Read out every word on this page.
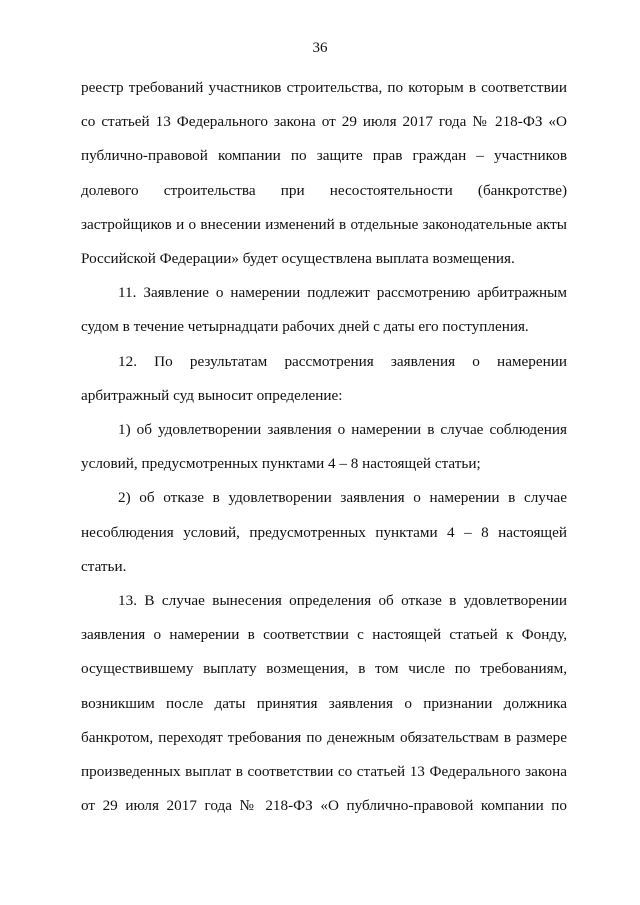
36

реестр требований участников строительства, по которым в соответствии со статьей 13 Федерального закона от 29 июля 2017 года № 218-ФЗ «О публично-правовой компании по защите прав граждан – участников долевого строительства при несостоятельности (банкротстве) застройщиков и о внесении изменений в отдельные законодательные акты Российской Федерации» будет осуществлена выплата возмещения.

11. Заявление о намерении подлежит рассмотрению арбитражным судом в течение четырнадцати рабочих дней с даты его поступления.

12. По результатам рассмотрения заявления о намерении арбитражный суд выносит определение:

1) об удовлетворении заявления о намерении в случае соблюдения условий, предусмотренных пунктами 4 – 8 настоящей статьи;

2) об отказе в удовлетворении заявления о намерении в случае несоблюдения условий, предусмотренных пунктами 4 – 8 настоящей статьи.

13. В случае вынесения определения об отказе в удовлетворении заявления о намерении в соответствии с настоящей статьей к Фонду, осуществившему выплату возмещения, в том числе по требованиям, возникшим после даты принятия заявления о признании должника банкротом, переходят требования по денежным обязательствам в размере произведенных выплат в соответствии со статьей 13 Федерального закона от 29 июля 2017 года № 218-ФЗ «О публично-правовой компании по
